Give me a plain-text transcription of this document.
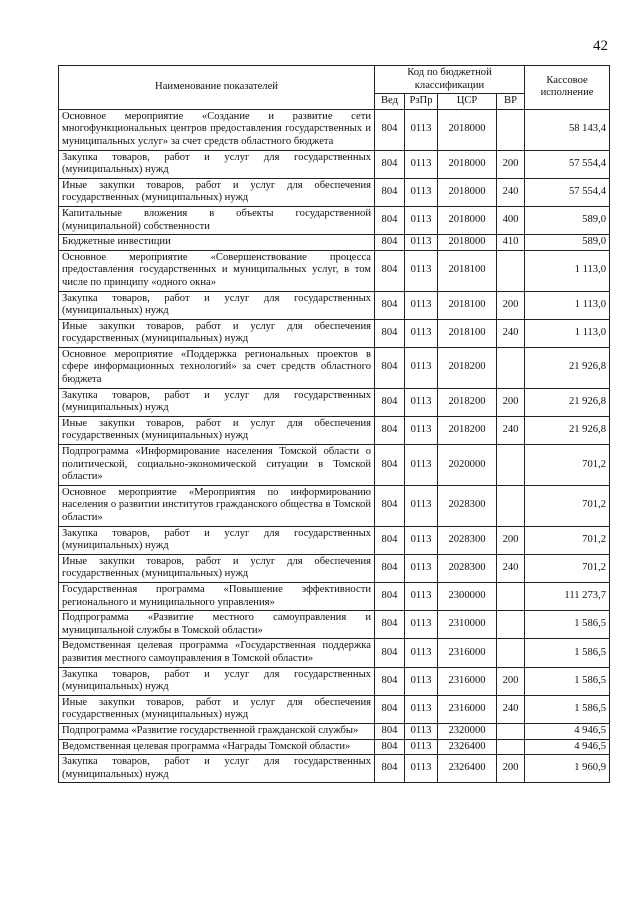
42
Наименование показателей	Код по бюджетной классификации				Кассовое исполнение
	Вед	РзПр	ЦСР	ВР	
Основное мероприятие «Создание и развитие сети многофункциональных центров предоставления государственных и муниципальных услуг» за счет средств областного бюджета	804	0113	2018000		58 143,4
Закупка товаров, работ и услуг для государственных (муниципальных) нужд	804	0113	2018000	200	57 554,4
Иные закупки товаров, работ и услуг для обеспечения государственных (муниципальных) нужд	804	0113	2018000	240	57 554,4
Капитальные вложения в объекты государственной (муниципальной) собственности	804	0113	2018000	400	589,0
Бюджетные инвестиции	804	0113	2018000	410	589,0
Основное мероприятие «Совершенствование процесса предоставления государственных и муниципальных услуг, в том числе по принципу «одного окна»	804	0113	2018100		1 113,0
Закупка товаров, работ и услуг для государственных (муниципальных) нужд	804	0113	2018100	200	1 113,0
Иные закупки товаров, работ и услуг для обеспечения государственных (муниципальных) нужд	804	0113	2018100	240	1 113,0
Основное мероприятие «Поддержка региональных проектов в сфере информационных технологий» за счет средств областного бюджета	804	0113	2018200		21 926,8
Закупка товаров, работ и услуг для государственных (муниципальных) нужд	804	0113	2018200	200	21 926,8
Иные закупки товаров, работ и услуг для обеспечения государственных (муниципальных) нужд	804	0113	2018200	240	21 926,8
Подпрограмма «Информирование населения Томской области о политической, социально-экономической ситуации в Томской области»	804	0113	2020000		701,2
Основное мероприятие «Мероприятия по информированию населения о развитии институтов гражданского общества в Томской области»	804	0113	2028300		701,2
Закупка товаров, работ и услуг для государственных (муниципальных) нужд	804	0113	2028300	200	701,2
Иные закупки товаров, работ и услуг для обеспечения государственных (муниципальных) нужд	804	0113	2028300	240	701,2
Государственная программа «Повышение эффективности регионального и муниципального управления»	804	0113	2300000		111 273,7
Подпрограмма «Развитие местного самоуправления и муниципальной службы в Томской области»	804	0113	2310000		1 586,5
Ведомственная целевая программа «Государственная поддержка развития местного самоуправления в Томской области»	804	0113	2316000		1 586,5
Закупка товаров, работ и услуг для государственных (муниципальных) нужд	804	0113	2316000	200	1 586,5
Иные закупки товаров, работ и услуг для обеспечения государственных (муниципальных) нужд	804	0113	2316000	240	1 586,5
Подпрограмма «Развитие государственной гражданской службы»	804	0113	2320000		4 946,5
Ведомственная целевая программа «Награды Томской области»	804	0113	2326400		4 946,5
Закупка товаров, работ и услуг для государственных (муниципальных) нужд	804	0113	2326400	200	1 960,9
